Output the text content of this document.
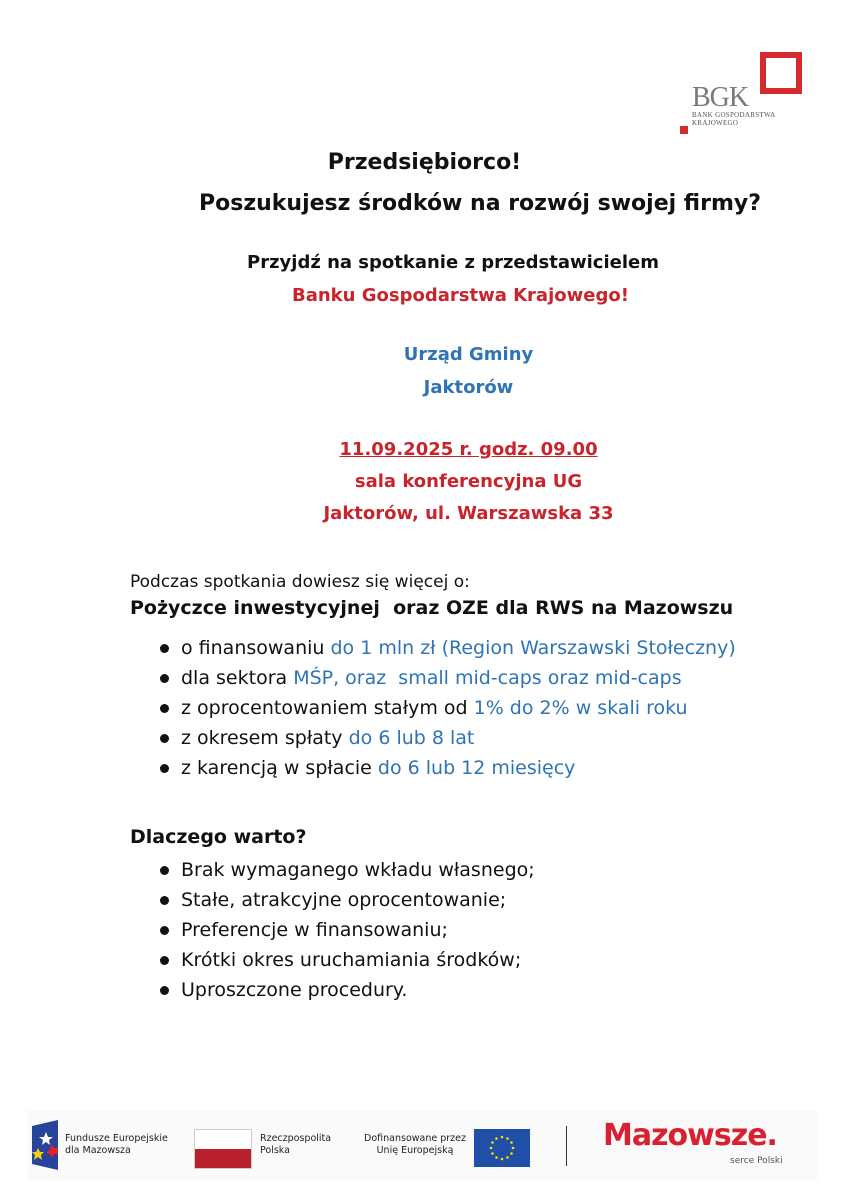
BGK
BANK GOSPODARSTWA
KRAJOWEGO
Przedsiębiorco!
Poszukujesz środków na rozwój swojej firmy?
Przyjdź na spotkanie z przedstawicielem
Banku Gospodarstwa Krajowego!
Urząd Gminy
Jaktorów
11.09.2025 r. godz. 09.00
sala konferencyjna UG
Jaktorów, ul. Warszawska 33
Podczas spotkania dowiesz się więcej o:
Pożyczce inwestycyjnej  oraz OZE dla RWS na Mazowszu
o finansowaniu do 1 mln zł (Region Warszawski Stołeczny)
dla sektora MŚP, oraz  small mid-caps oraz mid-caps
z oprocentowaniem stałym od 1% do 2% w skali roku
z okresem spłaty do 6 lub 8 lat
z karencją w spłacie do 6 lub 12 miesięcy
Dlaczego warto?
Brak wymaganego wkładu własnego;
Stałe, atrakcyjne oprocentowanie;
Preferencje w finansowaniu;
Krótki okres uruchamiania środków;
Uproszczone procedury.
Fundusze Europejskie
dla Mazowsza
Rzeczpospolita
Polska
Dofinansowane przez
Unię Europejską	Mazowsze.
serce Polski
